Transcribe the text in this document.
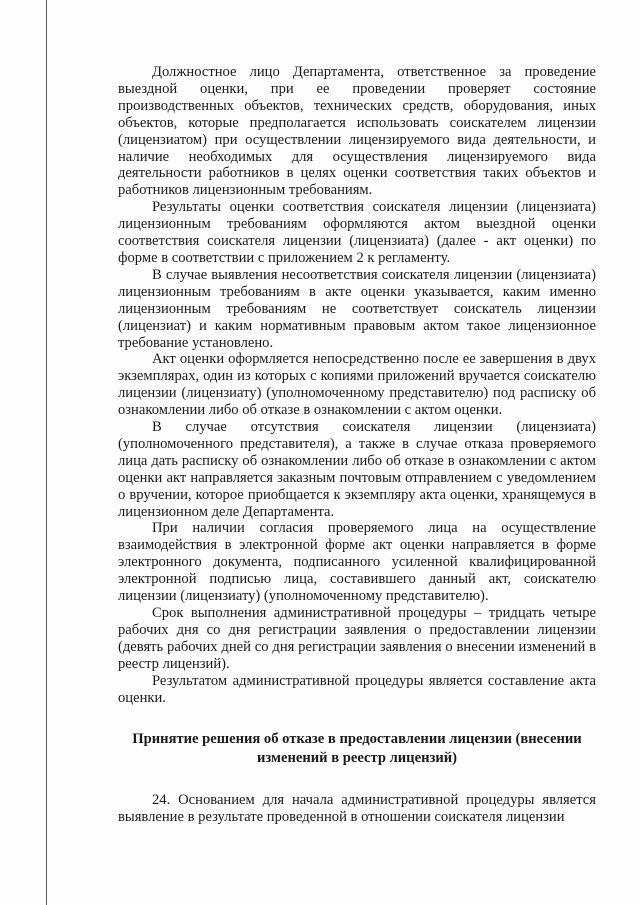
Должностное лицо Департамента, ответственное за проведение выездной оценки, при ее проведении проверяет состояние производственных объектов, технических средств, оборудования, иных объектов, которые предполагается использовать соискателем лицензии (лицензиатом) при осуществлении лицензируемого вида деятельности, и наличие необходимых для осуществления лицензируемого вида деятельности работников в целях оценки соответствия таких объектов и работников лицензионным требованиям.

Результаты оценки соответствия соискателя лицензии (лицензиата) лицензионным требованиям оформляются актом выездной оценки соответствия соискателя лицензии (лицензиата) (далее - акт оценки) по форме в соответствии с приложением 2 к регламенту.

В случае выявления несоответствия соискателя лицензии (лицензиата) лицензионным требованиям в акте оценки указывается, каким именно лицензионным требованиям не соответствует соискатель лицензии (лицензиат) и каким нормативным правовым актом такое лицензионное требование установлено.

Акт оценки оформляется непосредственно после ее завершения в двух экземплярах, один из которых с копиями приложений вручается соискателю лицензии (лицензиату) (уполномоченному представителю) под расписку об ознакомлении либо об отказе в ознакомлении с актом оценки.

В случае отсутствия соискателя лицензии (лицензиата) (уполномоченного представителя), а также в случае отказа проверяемого лица дать расписку об ознакомлении либо об отказе в ознакомлении с актом оценки акт направляется заказным почтовым отправлением с уведомлением о вручении, которое приобщается к экземпляру акта оценки, хранящемуся в лицензионном деле Департамента.

При наличии согласия проверяемого лица на осуществление взаимодействия в электронной форме акт оценки направляется в форме электронного документа, подписанного усиленной квалифицированной электронной подписью лица, составившего данный акт, соискателю лицензии (лицензиату) (уполномоченному представителю).

Срок выполнения административной процедуры – тридцать четыре рабочих дня со дня регистрации заявления о предоставлении лицензии (девять рабочих дней со дня регистрации заявления о внесении изменений в реестр лицензий).

Результатом административной процедуры является составление акта оценки.

Принятие решения об отказе в предоставлении лицензии (внесении изменений в реестр лицензий)

24. Основанием для начала административной процедуры является выявление в результате проведенной в отношении соискателя лицензии
